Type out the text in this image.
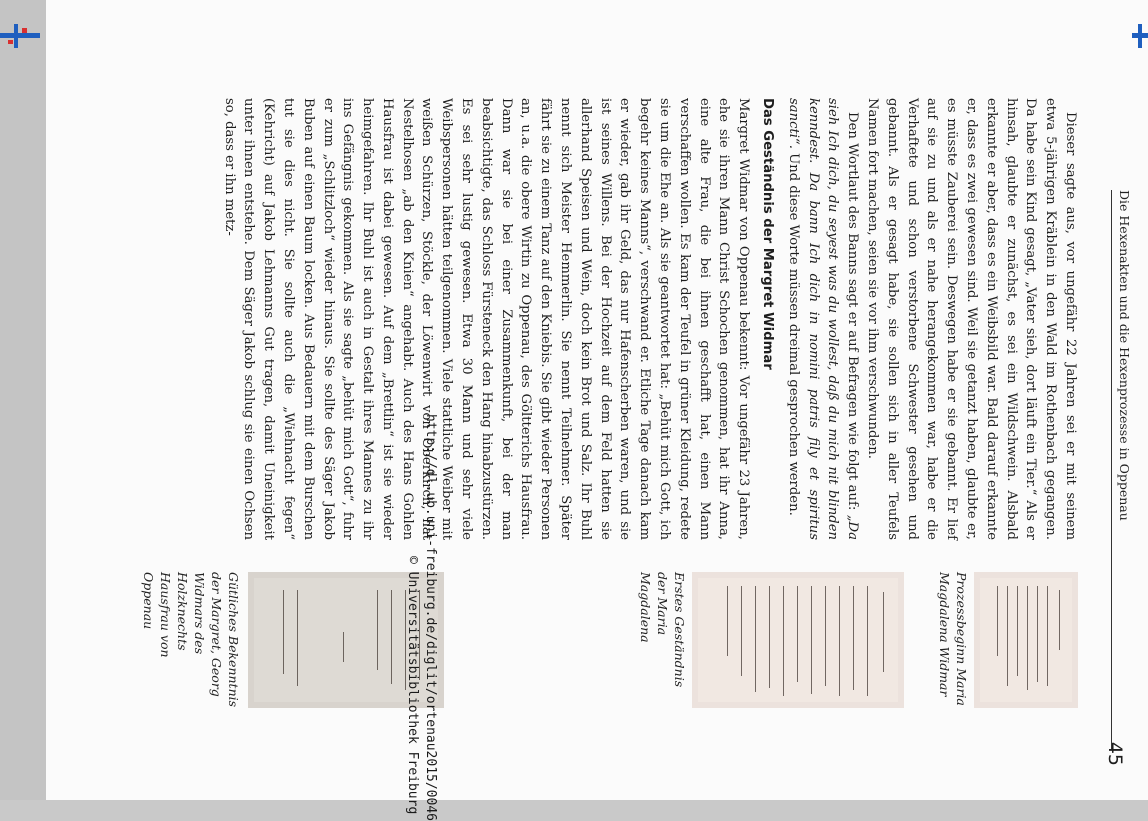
Die Hexenakten und die Hexenprozesse in Oppenau
45

Dieser sagte aus, vor ungefähr 22 Jahren sei er mit seinem etwa 5-jährigen Kräblein in den Wald im Rothenbach gegangen. Da habe sein Kind gesagt, „Vater sieh, dort läuft ein Tier.“ Als er hinsah, glaubte er zunächst, es sei ein Wildschwein. Alsbald erkannte er aber, dass es ein Weibsbild war. Bald darauf erkannte er, dass es zwei gewesen sind. Weil sie getanzt haben, glaubte er, es müsste Zauberei sein. Deswegen habe er sie gebannt. Er lief auf sie zu und als er nahe herangekommen war, habe er die Verhaftete und schon verstorbene Schwester gesehen und gebannt. Als er gesagt habe, sie sollen sich in aller Teufels Namen fort machen, seien sie vor ihm verschwunden.

Den Wortlaut des Banns sagt er auf Befragen wie folgt auf: „Da sieh Ich dich, du seyest was du wollest, daß du mich nit blinden kenndest. Da bann Ich dich in nomini patris fily et spiritus sancti“. Und diese Worte müssen dreimal gesprochen werden.

Das Geständnis der Margret Widmar

Margret Widmar von Oppenau bekennt: Vor ungefähr 23 Jahren, ehe sie ihren Mann Christ Schochen genommen, hat ihr Anna, eine alte Frau, die bei ihnen geschafft hat, einen Mann verschaffen wollen. Es kam der Teufel in grüner Kleidung, redete sie um die Ehe an. Als sie geantwortet hat: „Behüt mich Gott, ich begehr keines Manns“, verschwand er. Etliche Tage danach kam er wieder, gab ihr Geld, das nur Hafenscherben waren, und sie ist seines Willens. Bei der Hochzeit auf dem Feld hatten sie allerhand Speisen und Wein, doch kein Brot und Salz. Ihr Buhl nennt sich Meister Hemmerlin. Sie nennt Teilnehmer. Später fährt sie zu einem Tanz auf den Kniebis. Sie gibt wieder Personen an, u.a. die obere Wirtin zu Oppenau, des Göltterichs Hausfrau. Dann war sie bei einer Zusammenkunft, bei der man beabsichtigte, das Schloss Fürsteneck den Hang hinabzustürzen. Es sei sehr lustig gewesen. Etwa 30 Mann und sehr viele Weibspersonen hätten teilgenommen. Viele stattliche Weiber mit weißen Schürzen, Stöckle, der Löwenwirt von Oberkirch, hat Nestelhosen „ab den Knien“ angehabt. Auch des Hans Gohlen Hausfrau ist dabei gewesen. Auf dem „Brettlin“ ist sie wieder heimgefahren. Ihr Buhl ist auch in Gestalt ihres Mannes zu ihr ins Gefängnis gekommen. Als sie sagte „behüt mich Gott“, fuhr er zum „Schlitzloch“ wieder hinaus. Sie sollte des Säger Jakob Buben auf einen Baum locken. Aus Bedauern mit dem Burschen tut sie dies nicht. Sie sollte auch die „Wiehnacht fegen“ (Kehricht) auf Jakob Lehmanns Gut tragen, damit Uneinigkeit unter ihnen entstehe. Dem Säger Jakob schlug sie einen Ochsen so, dass er ihn metz-

Prozessbeginn Maria Magdalena Widmar
Erstes Geständnis der Maria Magdalena
Gütliches Bekenntnis der Margret, Georg Widmars des Holzknechts Hausfrau von Oppenau	http://dl.ub.uni-freiburg.de/diglit/ortenau2015/0046
© Universitätsbibliothek Freiburg
